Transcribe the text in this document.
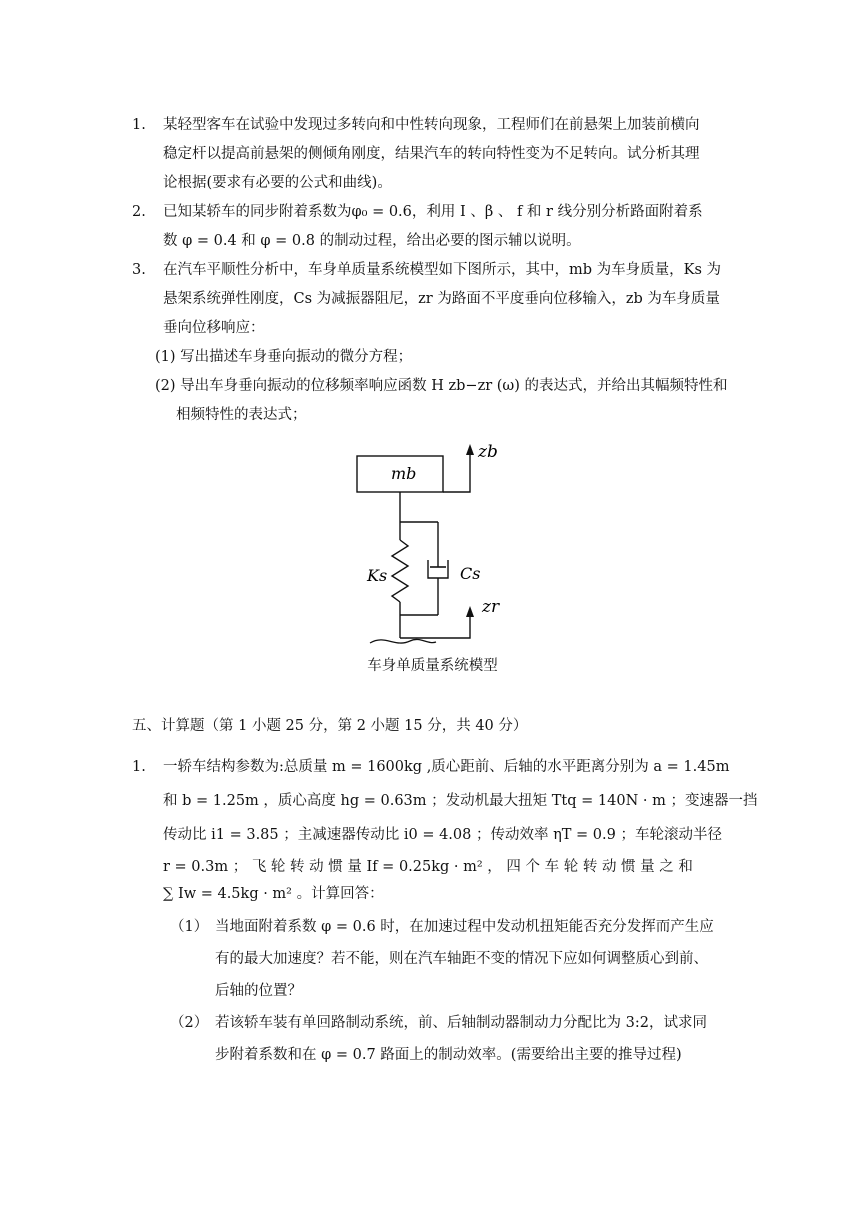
1. 某轻型客车在试验中发现过多转向和中性转向现象，工程师们在前悬架上加装前横向
稳定杆以提高前悬架的侧倾角刚度，结果汽车的转向特性变为不足转向。试分析其理
论根据(要求有必要的公式和曲线)。
2. 已知某轿车的同步附着系数为φ₀ = 0.6，利用 I 、β 、 f 和 r 线分别分析路面附着系
数 φ = 0.4 和 φ = 0.8 的制动过程，给出必要的图示辅以说明。
3. 在汽车平顺性分析中，车身单质量系统模型如下图所示，其中，mb 为车身质量，Ks 为
悬架系统弹性刚度，Cs 为减振器阻尼，zr 为路面不平度垂向位移输入，zb 为车身质量
垂向位移响应：
(1) 写出描述车身垂向振动的微分方程；
(2) 导出车身垂向振动的位移频率响应函数 H zb−zr (ω) 的表达式，并给出其幅频特性和
相频特性的表达式；
mb
zb
Ks	Cs
zr
车身单质量系统模型
五、计算题（第 1 小题 25 分，第 2 小题 15 分，共 40 分）
1. 一轿车结构参数为:总质量 m = 1600kg ,质心距前、后轴的水平距离分别为 a = 1.45m
和 b = 1.25m ，质心高度 hg = 0.63m ；发动机最大扭矩 Ttq = 140N · m ；变速器一挡
传动比 i1 = 3.85 ；主减速器传动比 i0 = 4.08 ；传动效率 ηT = 0.9 ；车轮滚动半径
r = 0.3m ； 飞 轮 转 动 惯 量 If = 0.25kg · m² ， 四 个 车 轮 转 动 惯 量 之 和
∑ Iw = 4.5kg · m² 。计算回答：
（1） 当地面附着系数 φ = 0.6 时，在加速过程中发动机扭矩能否充分发挥而产生应
有的最大加速度？若不能，则在汽车轴距不变的情况下应如何调整质心到前、
后轴的位置？
（2） 若该轿车装有单回路制动系统，前、后轴制动器制动力分配比为 3:2，试求同
步附着系数和在 φ = 0.7 路面上的制动效率。(需要给出主要的推导过程)
